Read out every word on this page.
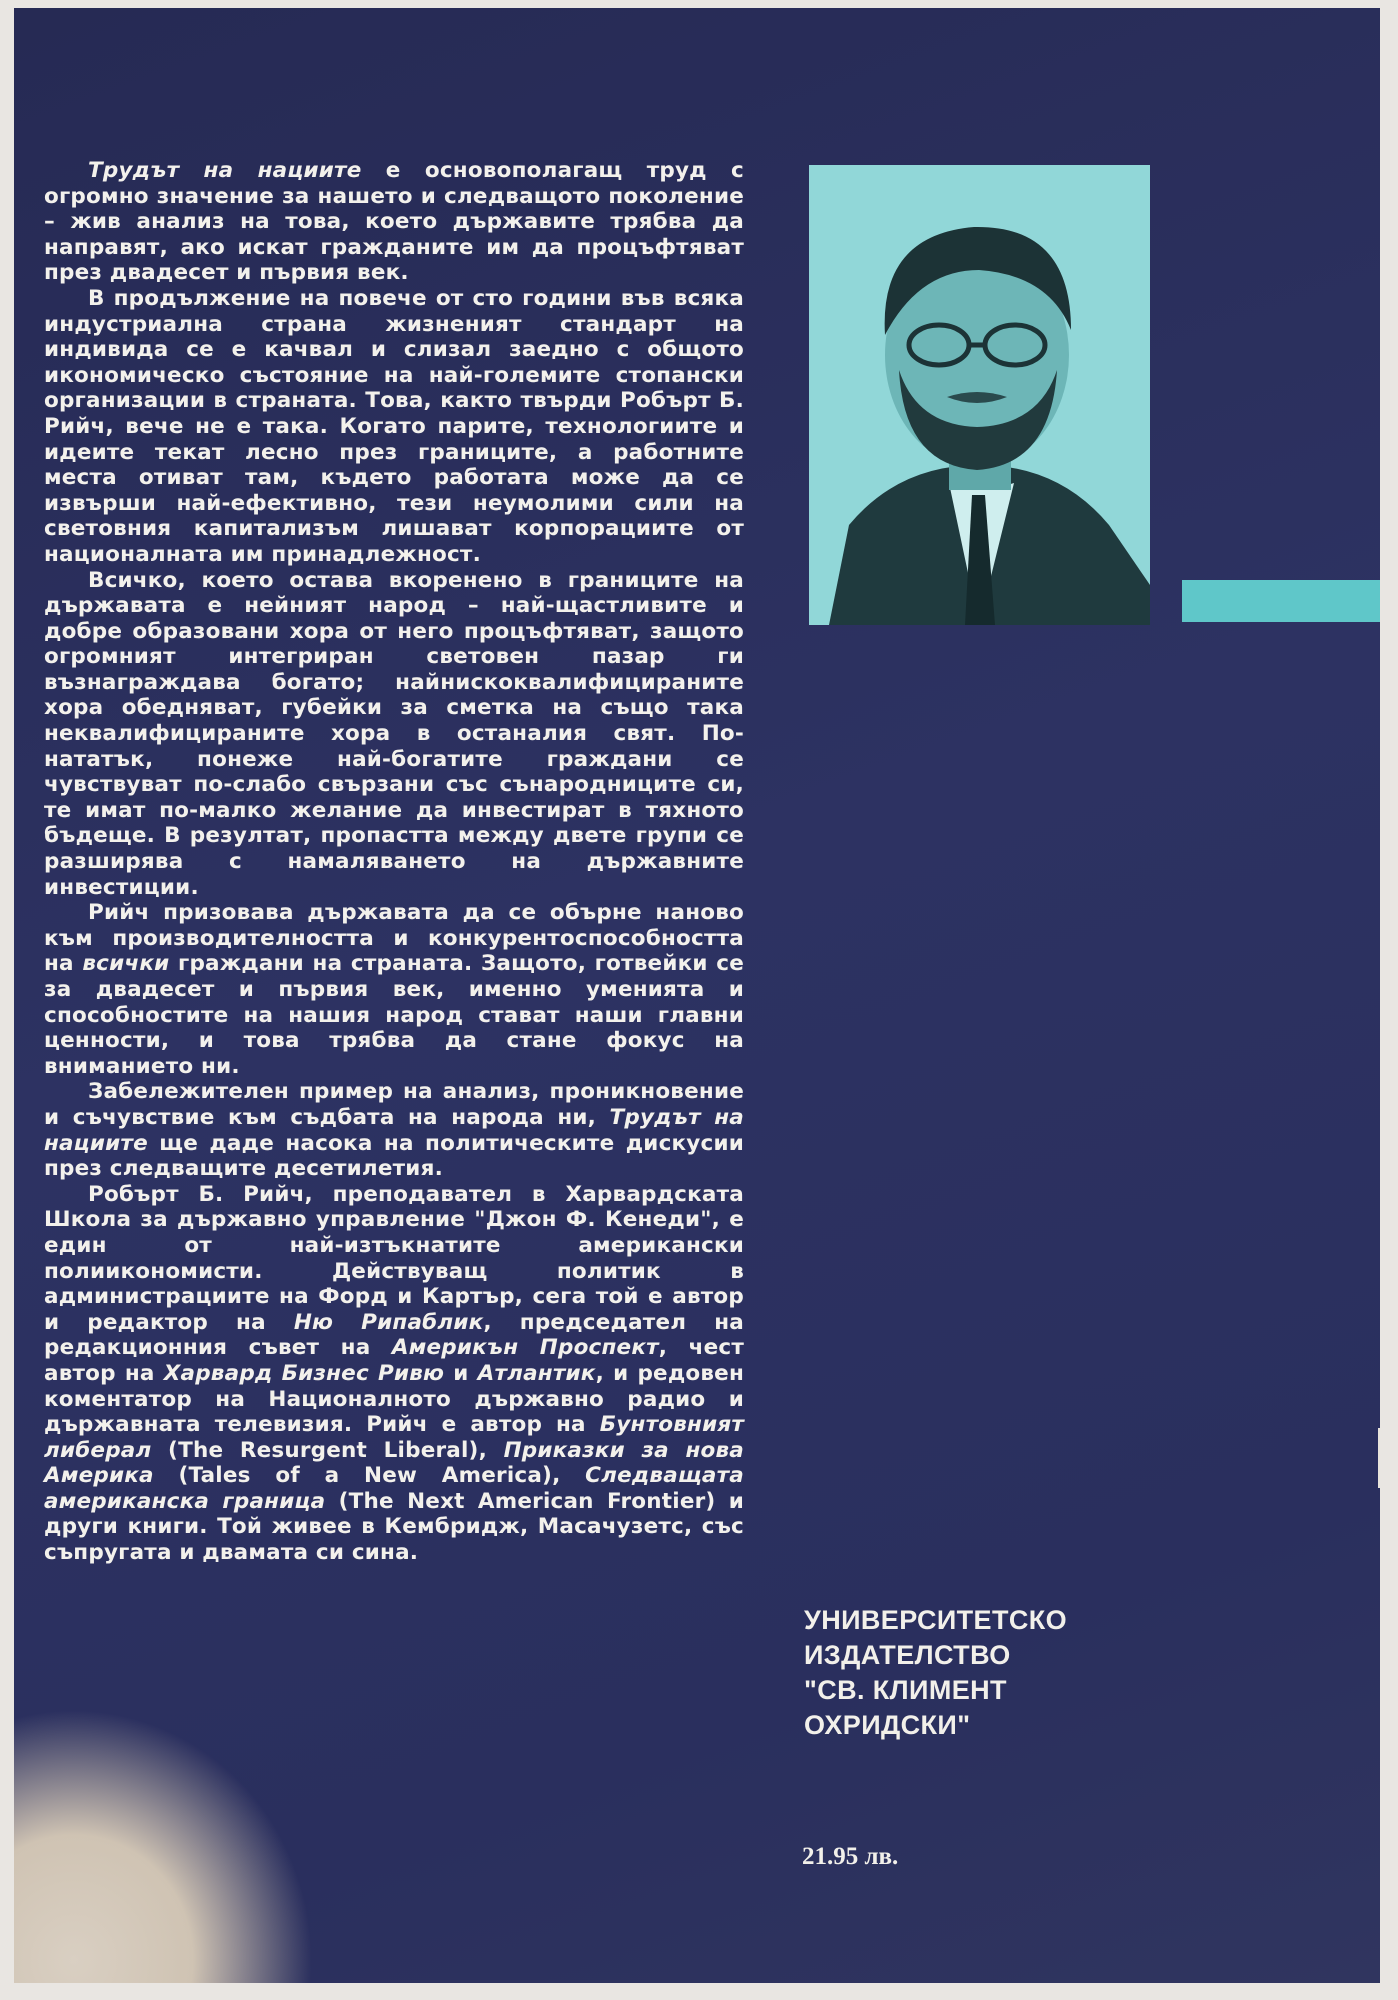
Трудът на нациите е основополагащ труд с огромно значение за нашето и следващото поколение – жив анализ на това, което държавите трябва да направят, ако искат гражданите им да процъфтяват през двадесет и първия век.

В продължение на повече от сто години във всяка индустриална страна жизненият стандарт на индивида се е качвал и слизал заедно с общото икономическо състояние на най-големите стопански организации в страната. Това, както твърди Робърт Б. Рийч, вече не е така. Когато парите, технологиите и идеите текат лесно през границите, а работните места отиват там, където работата може да се извърши най-ефективно, тези неумолими сили на световния капитализъм лишават корпорациите от националната им принадлежност.

Всичко, което остава вкоренено в границите на държавата е нейният народ – най-щастливите и добре образовани хора от него процъфтяват, защото огромният интегриран световен пазар ги възнаграждава богато; найнискоквалифицираните хора обедняват, губейки за сметка на също така неквалифицираните хора в останалия свят. По-нататък, понеже най-богатите граждани се чувствуват по-слабо свързани със сънародниците си, те имат по-малко желание да инвестират в тяхното бъдеще. В резултат, пропастта между двете групи се разширява с намаляването на държавните инвестиции.

Рийч призовава държавата да се обърне наново към производителността и конкурентоспособността на всички граждани на страната. Защото, готвейки се за двадесет и първия век, именно уменията и способностите на нашия народ стават наши главни ценности, и това трябва да стане фокус на вниманието ни.

Забележителен пример на анализ, проникновение и съчувствие към съдбата на народа ни, Трудът на нациите ще даде насока на политическите дискусии през следващите десетилетия.

Робърт Б. Рийч, преподавател в Харвардската Школа за държавно управление "Джон Ф. Кенеди", е един от най-изтъкнатите американски полиикономисти. Действуващ политик в администрациите на Форд и Картър, сега той е автор и редактор на Ню Рипаблик, председател на редакционния съвет на Америкън Проспект, чест автор на Харвард Бизнес Ривю и Атлантик, и редовен коментатор на Националното държавно радио и държавната телевизия. Рийч е автор на Бунтовният либерал (The Resurgent Liberal), Приказки за нова Америка (Tales of a New America), Следващата американска граница (The Next American Frontier) и други книги. Той живее в Кембридж, Масачузетс, със съпругата и двамата си сина.

УНИВЕРСИТЕТСКО
ИЗДАТЕЛСТВО
"СВ. КЛИМЕНТ
ОХРИДСКИ"
21.95 лв.
